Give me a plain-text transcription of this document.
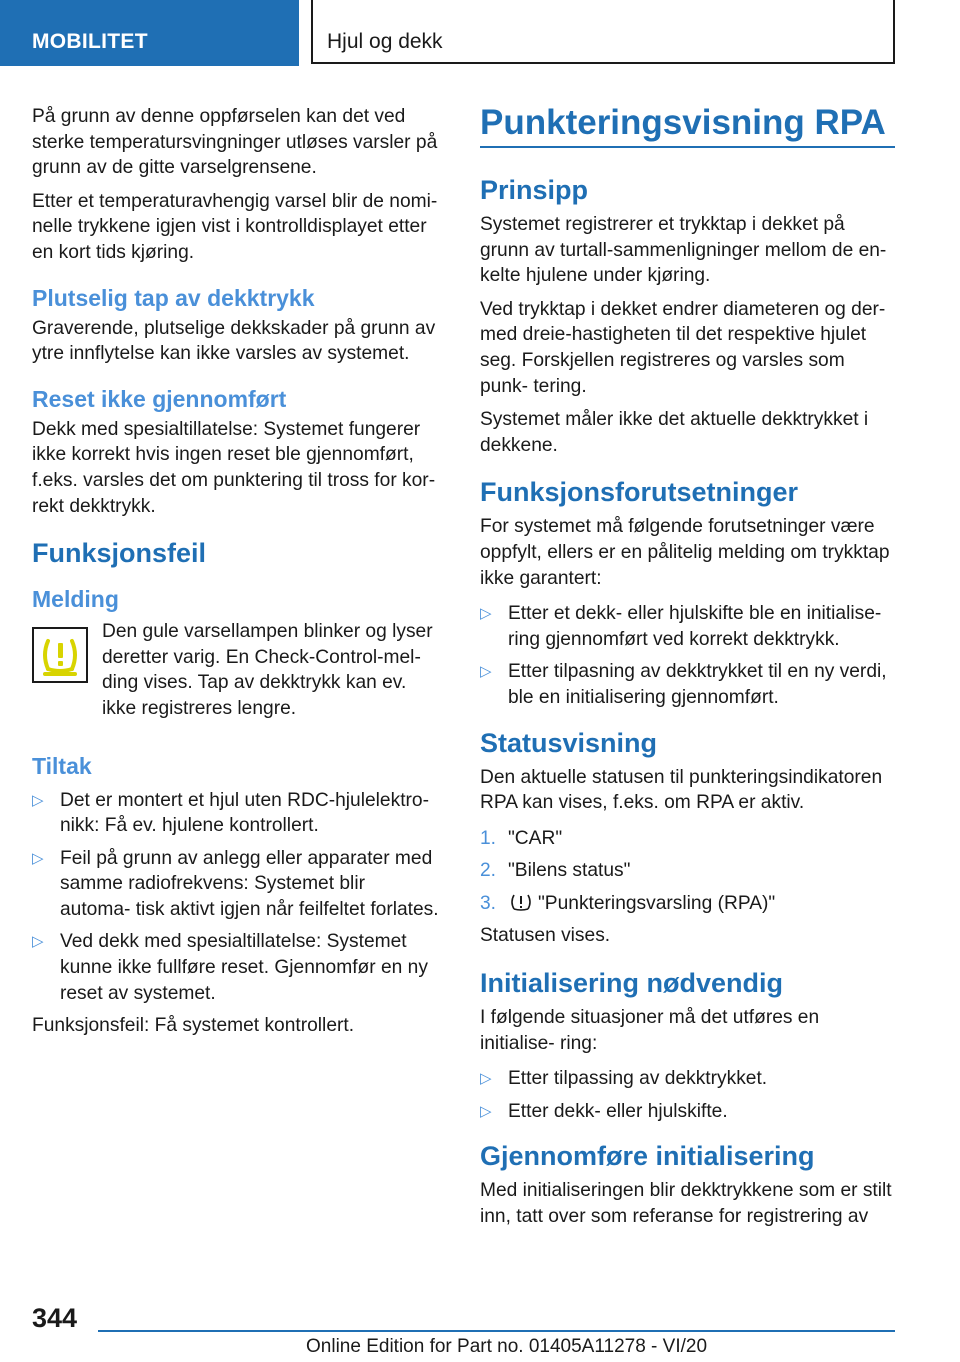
MOBILITET	Hjul og dekk

På grunn av denne oppførselen kan det ved sterke temperatursvingninger utløses varsler på grunn av de gitte varselgrensene.

Etter et temperaturavhengig varsel blir de nomi- nelle trykkene igjen vist i kontrolldisplayet etter en kort tids kjøring.

Plutselig tap av dekktrykk

Graverende, plutselige dekkskader på grunn av ytre innflytelse kan ikke varsles av systemet.

Reset ikke gjennomført

Dekk med spesialtillatelse: Systemet fungerer ikke korrekt hvis ingen reset ble gjennomført, f.eks. varsles det om punktering til tross for kor- rekt dekktrykk.

Funksjonsfeil
Melding

Den gule varsellampen blinker og lyser deretter varig. En Check-Control-mel- ding vises. Tap av dekktrykk kan ev. ikke registreres lengre.

Tiltak
▷ Det er montert et hjul uten RDC-hjulelektro- nikk: Få ev. hjulene kontrollert.
▷ Feil på grunn av anlegg eller apparater med samme radiofrekvens: Systemet blir automa- tisk aktivt igjen når feilfeltet forlates.
▷ Ved dekk med spesialtillatelse: Systemet kunne ikke fullføre reset. Gjennomfør en ny reset av systemet.

Funksjonsfeil: Få systemet kontrollert.

Punkteringsvisning RPA
Prinsipp

Systemet registrerer et trykktap i dekket på grunn av turtall-sammenligninger mellom de en- kelte hjulene under kjøring.

Ved trykktap i dekket endrer diameteren og der- med dreie-hastigheten til det respektive hjulet seg. Forskjellen registreres og varsles som punk- tering.

Systemet måler ikke det aktuelle dekktrykket i dekkene.

Funksjonsforutsetninger

For systemet må følgende forutsetninger være oppfylt, ellers er en pålitelig melding om trykktap ikke garantert:

▷ Etter et dekk- eller hjulskifte ble en initialise- ring gjennomført ved korrekt dekktrykk.
▷ Etter tilpasning av dekktrykket til en ny verdi, ble en initialisering gjennomført.
Statusvisning

Den aktuelle statusen til punkteringsindikatoren RPA kan vises, f.eks. om RPA er aktiv.

1. "CAR"
2. "Bilens status"
3. "Punkteringsvarsling (RPA)"

Statusen vises.

Initialisering nødvendig

I følgende situasjoner må det utføres en initialise- ring:

▷ Etter tilpassing av dekktrykket.
▷ Etter dekk- eller hjulskifte.
Gjennomføre initialisering

Med initialiseringen blir dekktrykkene som er stilt inn, tatt over som referanse for registrering av

344
Online Edition for Part no. 01405A11278 - VI/20
